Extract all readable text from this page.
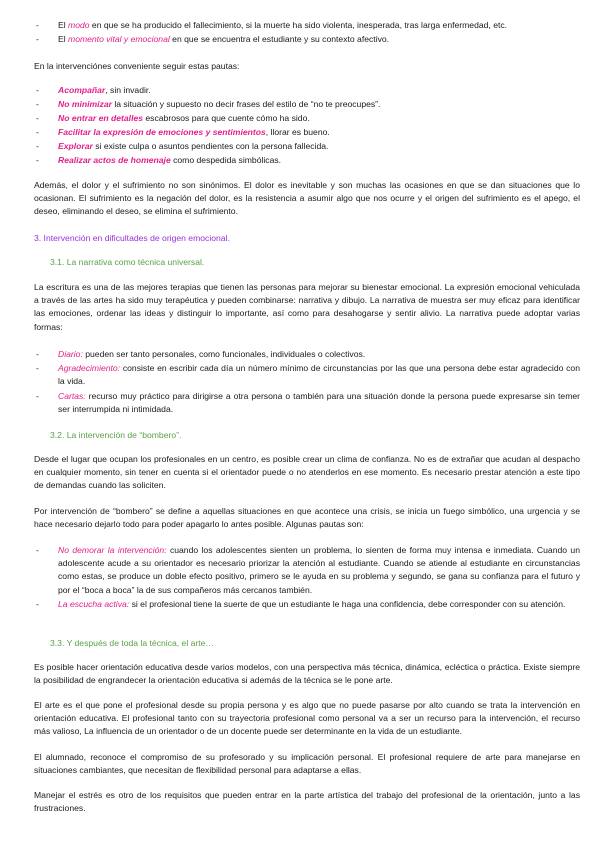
- El modo en que se ha producido el fallecimiento, si la muerte ha sido violenta, inesperada, tras larga enfermedad, etc.
- El momento vital y emocional en que se encuentra el estudiante y su contexto afectivo.
En la intervenciónes conveniente seguir estas pautas:
- Acompañar, sin invadir.
- No minimizar la situación y supuesto no decir frases del estilo de “no te preocupes”.
- No entrar en detalles escabrosos para que cuente cómo ha sido.
- Facilitar la expresión de emociones y sentimientos, llorar es bueno.
- Explorar si existe culpa o asuntos pendientes con la persona fallecida.
- Realizar actos de homenaje como despedida simbólicas.
Además, el dolor y el sufrimiento no son sinónimos. El dolor es inevitable y son muchas las ocasiones en que se dan situaciones que lo ocasionan. El sufrimiento es la negación del dolor, es la resistencia a asumir algo que nos ocurre y el origen del sufrimiento es el apego, el deseo, eliminando el deseo, se elimina el sufrimiento.
3. Intervención en dificultades de origen emocional.
3.1. La narrativa como técnica universal.
La escritura es una de las mejores terapias que tienen las personas para mejorar su bienestar emocional. La expresión emocional vehiculada a través de las artes ha sido muy terapéutica y pueden combinarse: narrativa y dibujo. La narrativa de muestra ser muy eficaz para identificar las emociones, ordenar las ideas y distinguir lo importante, así como para desahogarse y sentir alivio. La narrativa puede adoptar varias formas:
- Diario: pueden ser tanto personales, como funcionales, individuales o colectivos.
- Agradecimiento: consiste en escribir cada día un número mínimo de circunstancias por las que una persona debe estar agradecido con la vida.
- Cartas: recurso muy práctico para dirigirse a otra persona o también para una situación donde la persona puede expresarse sin temer ser interrumpida ni intimidada.
3.2. La intervención de “bombero”.
Desde el lugar que ocupan los profesionales en un centro, es posible crear un clima de confianza. No es de extrañar que acudan al despacho en cualquier momento, sin tener en cuenta si el orientador puede o no atenderlos en ese momento. Es necesario prestar atención a este tipo de demandas cuando las soliciten.
Por intervención de “bombero” se define a aquellas situaciones en que acontece una crisis, se inicia un fuego simbólico, una urgencia y se hace necesario dejarlo todo para poder apagarlo lo antes posible. Algunas pautas son:
- No demorar la intervención: cuando los adolescentes sienten un problema, lo sienten de forma muy intensa e inmediata. Cuando un adolescente acude a su orientador es necesario priorizar la atención al estudiante. Cuando se atiende al estudiante en circunstancias como estas, se produce un doble efecto positivo, primero se le ayuda en su problema y segundo, se gana su confianza para el futuro y por el “boca a boca” la de sus compañeros más cercanos también.
- La escucha activa: si el profesional tiene la suerte de que un estudiante le haga una confidencia, debe corresponder con su atención.
3.3. Y después de toda la técnica, el arte…
Es posible hacer orientación educativa desde varios modelos, con una perspectiva más técnica, dinámica, ecléctica o práctica. Existe siempre la posibilidad de engrandecer la orientación educativa si además de la técnica se le pone arte.
El arte es el que pone el profesional desde su propia persona y es algo que no puede pasarse por alto cuando se trata la intervención en orientación educativa. El profesional tanto con su trayectoria profesional como personal va a ser un recurso para la intervención, el recurso más valioso, La influencia de un orientador o de un docente puede ser determinante en la vida de un estudiante.
El alumnado, reconoce el compromiso de su profesorado y su implicación personal. El profesional requiere de arte para manejarse en situaciones cambiantes, que necesitan de flexibilidad personal para adaptarse a ellas.
Manejar el estrés es otro de los requisitos que pueden entrar en la parte artística del trabajo del profesional de la orientación, junto a las frustraciones.
